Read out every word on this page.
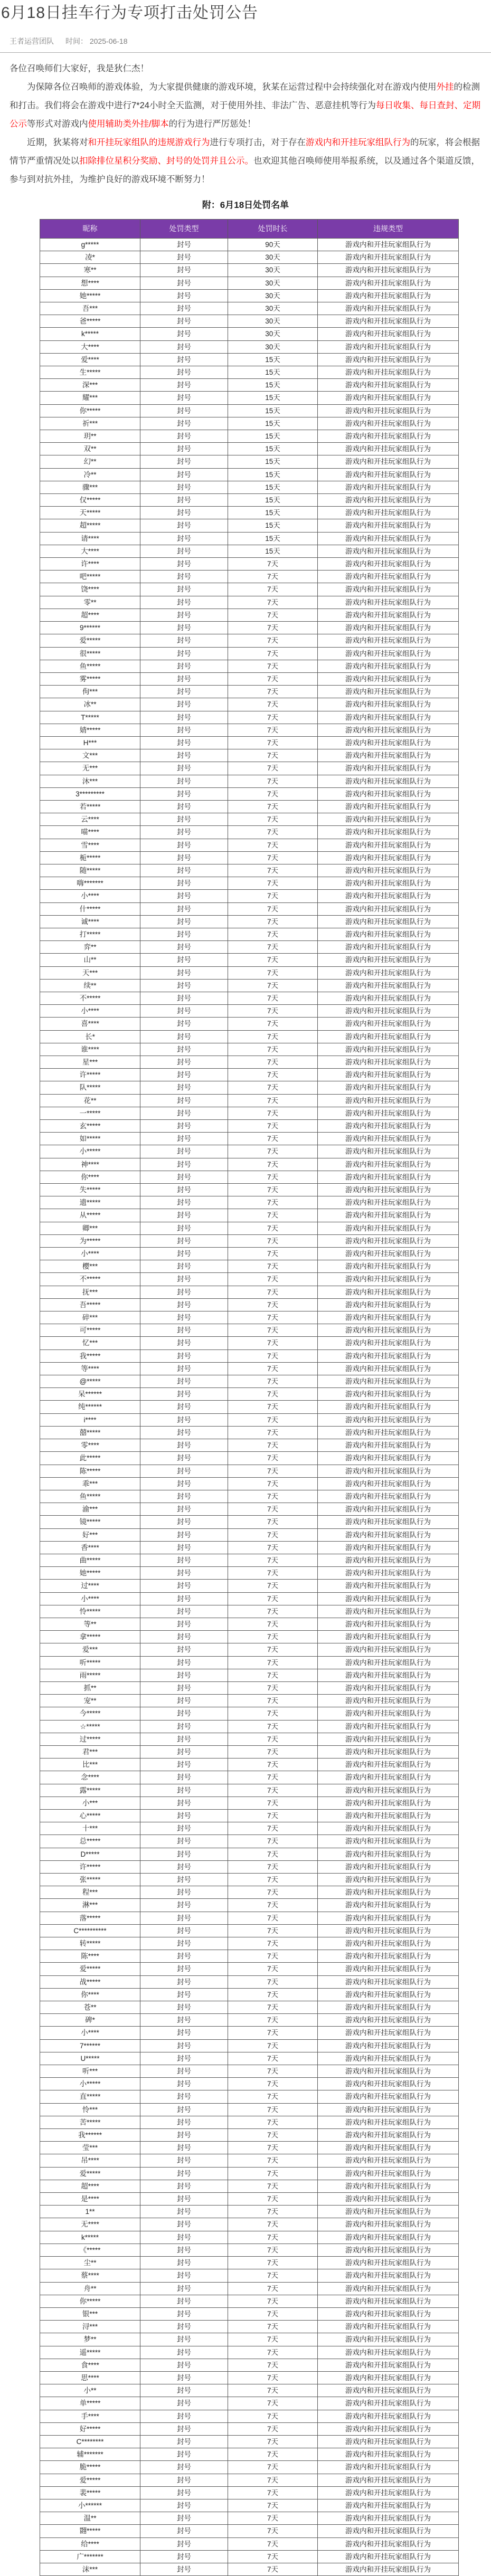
6月18日挂车行为专项打击处罚公告
王者运营团队 时间： 2025-06-18

各位召唤师们大家好，我是狄仁杰！

为保障各位召唤师的游戏体验，为大家提供健康的游戏环境，狄某在运营过程中会持续强化对在游戏内使用外挂的检测和打击。我们将会在游戏中进行7*24小时全天监测，对于使用外挂、非法广告、恶意挂机等行为每日收集、每日查封、定期公示等形式对游戏内使用辅助类外挂/脚本的行为进行严厉惩处！

近期，狄某将对和开挂玩家组队的违规游戏行为进行专项打击，对于存在游戏内和开挂玩家组队行为的玩家，将会根据情节严重情况处以扣除排位星积分奖励、封号的处罚并且公示。也欢迎其他召唤师使用举报系统，以及通过各个渠道反馈，参与到对抗外挂，为维护良好的游戏环境不断努力！

附：6月18日处罚名单
昵称	处罚类型	处罚时长	违规类型
g*****	封号	90天	游戏内和开挂玩家组队行为
凌*	封号	30天	游戏内和开挂玩家组队行为
寒**	封号	30天	游戏内和开挂玩家组队行为
想****	封号	30天	游戏内和开挂玩家组队行为
她*****	封号	30天	游戏内和开挂玩家组队行为
吾***	封号	30天	游戏内和开挂玩家组队行为
爸*****	封号	30天	游戏内和开挂玩家组队行为
k*****	封号	30天	游戏内和开挂玩家组队行为
大****	封号	30天	游戏内和开挂玩家组队行为
爱****	封号	15天	游戏内和开挂玩家组队行为
生*****	封号	15天	游戏内和开挂玩家组队行为
深***	封号	15天	游戏内和开挂玩家组队行为
耀***	封号	15天	游戏内和开挂玩家组队行为
你*****	封号	15天	游戏内和开挂玩家组队行为
祈***	封号	15天	游戏内和开挂玩家组队行为
玥**	封号	15天	游戏内和开挂玩家组队行为
双**	封号	15天	游戏内和开挂玩家组队行为
幻**	封号	15天	游戏内和开挂玩家组队行为
冷**	封号	15天	游戏内和开挂玩家组队行为
骤***	封号	15天	游戏内和开挂玩家组队行为
仅*****	封号	15天	游戏内和开挂玩家组队行为
天*****	封号	15天	游戏内和开挂玩家组队行为
超*****	封号	15天	游戏内和开挂玩家组队行为
请****	封号	15天	游戏内和开挂玩家组队行为
大****	封号	15天	游戏内和开挂玩家组队行为
许****	封号	7天	游戏内和开挂玩家组队行为
吧*****	封号	7天	游戏内和开挂玩家组队行为
饶****	封号	7天	游戏内和开挂玩家组队行为
零**	封号	7天	游戏内和开挂玩家组队行为
超****	封号	7天	游戏内和开挂玩家组队行为
9******	封号	7天	游戏内和开挂玩家组队行为
爱*****	封号	7天	游戏内和开挂玩家组队行为
很*****	封号	7天	游戏内和开挂玩家组队行为
鱼*****	封号	7天	游戏内和开挂玩家组队行为
雾*****	封号	7天	游戏内和开挂玩家组队行为
佝***	封号	7天	游戏内和开挂玩家组队行为
冰**	封号	7天	游戏内和开挂玩家组队行为
T*****	封号	7天	游戏内和开挂玩家组队行为
婧*****	封号	7天	游戏内和开挂玩家组队行为
H***	封号	7天	游戏内和开挂玩家组队行为
文***	封号	7天	游戏内和开挂玩家组队行为
无***	封号	7天	游戏内和开挂玩家组队行为
沐***	封号	7天	游戏内和开挂玩家组队行为
3*********	封号	7天	游戏内和开挂玩家组队行为
若*****	封号	7天	游戏内和开挂玩家组队行为
云****	封号	7天	游戏内和开挂玩家组队行为
喵****	封号	7天	游戏内和开挂玩家组队行为
雪****	封号	7天	游戏内和开挂玩家组队行为
栀*****	封号	7天	游戏内和开挂玩家组队行为
随*****	封号	7天	游戏内和开挂玩家组队行为
嗨*******	封号	7天	游戏内和开挂玩家组队行为
小****	封号	7天	游戏内和开挂玩家组队行为
什*****	封号	7天	游戏内和开挂玩家组队行为
诚****	封号	7天	游戏内和开挂玩家组队行为
打*****	封号	7天	游戏内和开挂玩家组队行为
弈**	封号	7天	游戏内和开挂玩家组队行为
山**	封号	7天	游戏内和开挂玩家组队行为
天***	封号	7天	游戏内和开挂玩家组队行为
续**	封号	7天	游戏内和开挂玩家组队行为
不*****	封号	7天	游戏内和开挂玩家组队行为
小****	封号	7天	游戏内和开挂玩家组队行为
喜****	封号	7天	游戏内和开挂玩家组队行为
长*	封号	7天	游戏内和开挂玩家组队行为
谁****	封号	7天	游戏内和开挂玩家组队行为
星***	封号	7天	游戏内和开挂玩家组队行为
许*****	封号	7天	游戏内和开挂玩家组队行为
队*****	封号	7天	游戏内和开挂玩家组队行为
花**	封号	7天	游戏内和开挂玩家组队行为
一*****	封号	7天	游戏内和开挂玩家组队行为
玄*****	封号	7天	游戏内和开挂玩家组队行为
如*****	封号	7天	游戏内和开挂玩家组队行为
小*****	封号	7天	游戏内和开挂玩家组队行为
神****	封号	7天	游戏内和开挂玩家组队行为
你****	封号	7天	游戏内和开挂玩家组队行为
失*****	封号	7天	游戏内和开挂玩家组队行为
遗*****	封号	7天	游戏内和开挂玩家组队行为
从*****	封号	7天	游戏内和开挂玩家组队行为
卿***	封号	7天	游戏内和开挂玩家组队行为
为*****	封号	7天	游戏内和开挂玩家组队行为
小****	封号	7天	游戏内和开挂玩家组队行为
樱***	封号	7天	游戏内和开挂玩家组队行为
不*****	封号	7天	游戏内和开挂玩家组队行为
抚***	封号	7天	游戏内和开挂玩家组队行为
吾*****	封号	7天	游戏内和开挂玩家组队行为
碎***	封号	7天	游戏内和开挂玩家组队行为
可*****	封号	7天	游戏内和开挂玩家组队行为
忆***	封号	7天	游戏内和开挂玩家组队行为
我*****	封号	7天	游戏内和开挂玩家组队行为
等****	封号	7天	游戏内和开挂玩家组队行为
@*****	封号	7天	游戏内和开挂玩家组队行为
呆******	封号	7天	游戏内和开挂玩家组队行为
纯******	封号	7天	游戏内和开挂玩家组队行为
i****	封号	7天	游戏内和开挂玩家组队行为
囍*****	封号	7天	游戏内和开挂玩家组队行为
零****	封号	7天	游戏内和开挂玩家组队行为
此*****	封号	7天	游戏内和开挂玩家组队行为
陈*****	封号	7天	游戏内和开挂玩家组队行为
乖***	封号	7天	游戏内和开挂玩家组队行为
鱼*****	封号	7天	游戏内和开挂玩家组队行为
渝***	封号	7天	游戏内和开挂玩家组队行为
镜*****	封号	7天	游戏内和开挂玩家组队行为
好***	封号	7天	游戏内和开挂玩家组队行为
香****	封号	7天	游戏内和开挂玩家组队行为
曲*****	封号	7天	游戏内和开挂玩家组队行为
她*****	封号	7天	游戏内和开挂玩家组队行为
过****	封号	7天	游戏内和开挂玩家组队行为
小****	封号	7天	游戏内和开挂玩家组队行为
怜*****	封号	7天	游戏内和开挂玩家组队行为
等**	封号	7天	游戏内和开挂玩家组队行为
拿*****	封号	7天	游戏内和开挂玩家组队行为
爱***	封号	7天	游戏内和开挂玩家组队行为
听*****	封号	7天	游戏内和开挂玩家组队行为
雨*****	封号	7天	游戏内和开挂玩家组队行为
抓**	封号	7天	游戏内和开挂玩家组队行为
宠**	封号	7天	游戏内和开挂玩家组队行为
今*****	封号	7天	游戏内和开挂玩家组队行为
☆*****	封号	7天	游戏内和开挂玩家组队行为
过*****	封号	7天	游戏内和开挂玩家组队行为
君***	封号	7天	游戏内和开挂玩家组队行为
比***	封号	7天	游戏内和开挂玩家组队行为
念****	封号	7天	游戏内和开挂玩家组队行为
露*****	封号	7天	游戏内和开挂玩家组队行为
小***	封号	7天	游戏内和开挂玩家组队行为
心*****	封号	7天	游戏内和开挂玩家组队行为
十***	封号	7天	游戏内和开挂玩家组队行为
总*****	封号	7天	游戏内和开挂玩家组队行为
D*****	封号	7天	游戏内和开挂玩家组队行为
许*****	封号	7天	游戏内和开挂玩家组队行为
张*****	封号	7天	游戏内和开挂玩家组队行为
程***	封号	7天	游戏内和开挂玩家组队行为
淋***	封号	7天	游戏内和开挂玩家组队行为
落*****	封号	7天	游戏内和开挂玩家组队行为
C**********	封号	7天	游戏内和开挂玩家组队行为
转*****	封号	7天	游戏内和开挂玩家组队行为
陈****	封号	7天	游戏内和开挂玩家组队行为
爱*****	封号	7天	游戏内和开挂玩家组队行为
战*****	封号	7天	游戏内和开挂玩家组队行为
你****	封号	7天	游戏内和开挂玩家组队行为
苍**	封号	7天	游戏内和开挂玩家组队行为
碑*	封号	7天	游戏内和开挂玩家组队行为
小****	封号	7天	游戏内和开挂玩家组队行为
7******	封号	7天	游戏内和开挂玩家组队行为
U*****	封号	7天	游戏内和开挂玩家组队行为
听***	封号	7天	游戏内和开挂玩家组队行为
小*****	封号	7天	游戏内和开挂玩家组队行为
直*****	封号	7天	游戏内和开挂玩家组队行为
怜***	封号	7天	游戏内和开挂玩家组队行为
苦*****	封号	7天	游戏内和开挂玩家组队行为
我******	封号	7天	游戏内和开挂玩家组队行为
莹***	封号	7天	游戏内和开挂玩家组队行为
吊****	封号	7天	游戏内和开挂玩家组队行为
爱*****	封号	7天	游戏内和开挂玩家组队行为
超****	封号	7天	游戏内和开挂玩家组队行为
是****	封号	7天	游戏内和开挂玩家组队行为
1**	封号	7天	游戏内和开挂玩家组队行为
无****	封号	7天	游戏内和开挂玩家组队行为
k*****	封号	7天	游戏内和开挂玩家组队行为
《*****	封号	7天	游戏内和开挂玩家组队行为
尘**	封号	7天	游戏内和开挂玩家组队行为
蔡****	封号	7天	游戏内和开挂玩家组队行为
舟**	封号	7天	游戏内和开挂玩家组队行为
你*****	封号	7天	游戏内和开挂玩家组队行为
银***	封号	7天	游戏内和开挂玩家组队行为
浔***	封号	7天	游戏内和开挂玩家组队行为
梦**	封号	7天	游戏内和开挂玩家组队行为
遥*****	封号	7天	游戏内和开挂玩家组队行为
食****	封号	7天	游戏内和开挂玩家组队行为
思****	封号	7天	游戏内和开挂玩家组队行为
小**	封号	7天	游戏内和开挂玩家组队行为
单*****	封号	7天	游戏内和开挂玩家组队行为
手****	封号	7天	游戏内和开挂玩家组队行为
好*****	封号	7天	游戏内和开挂玩家组队行为
C********	封号	7天	游戏内和开挂玩家组队行为
辅*******	封号	7天	游戏内和开挂玩家组队行为
脆*****	封号	7天	游戏内和开挂玩家组队行为
爱*****	封号	7天	游戏内和开挂玩家组队行为
裴*****	封号	7天	游戏内和开挂玩家组队行为
小******	封号	7天	游戏内和开挂玩家组队行为
温**	封号	7天	游戏内和开挂玩家组队行为
翾*****	封号	7天	游戏内和开挂玩家组队行为
给****	封号	7天	游戏内和开挂玩家组队行为
广*******	封号	7天	游戏内和开挂玩家组队行为
沫***	封号	7天	游戏内和开挂玩家组队行为
